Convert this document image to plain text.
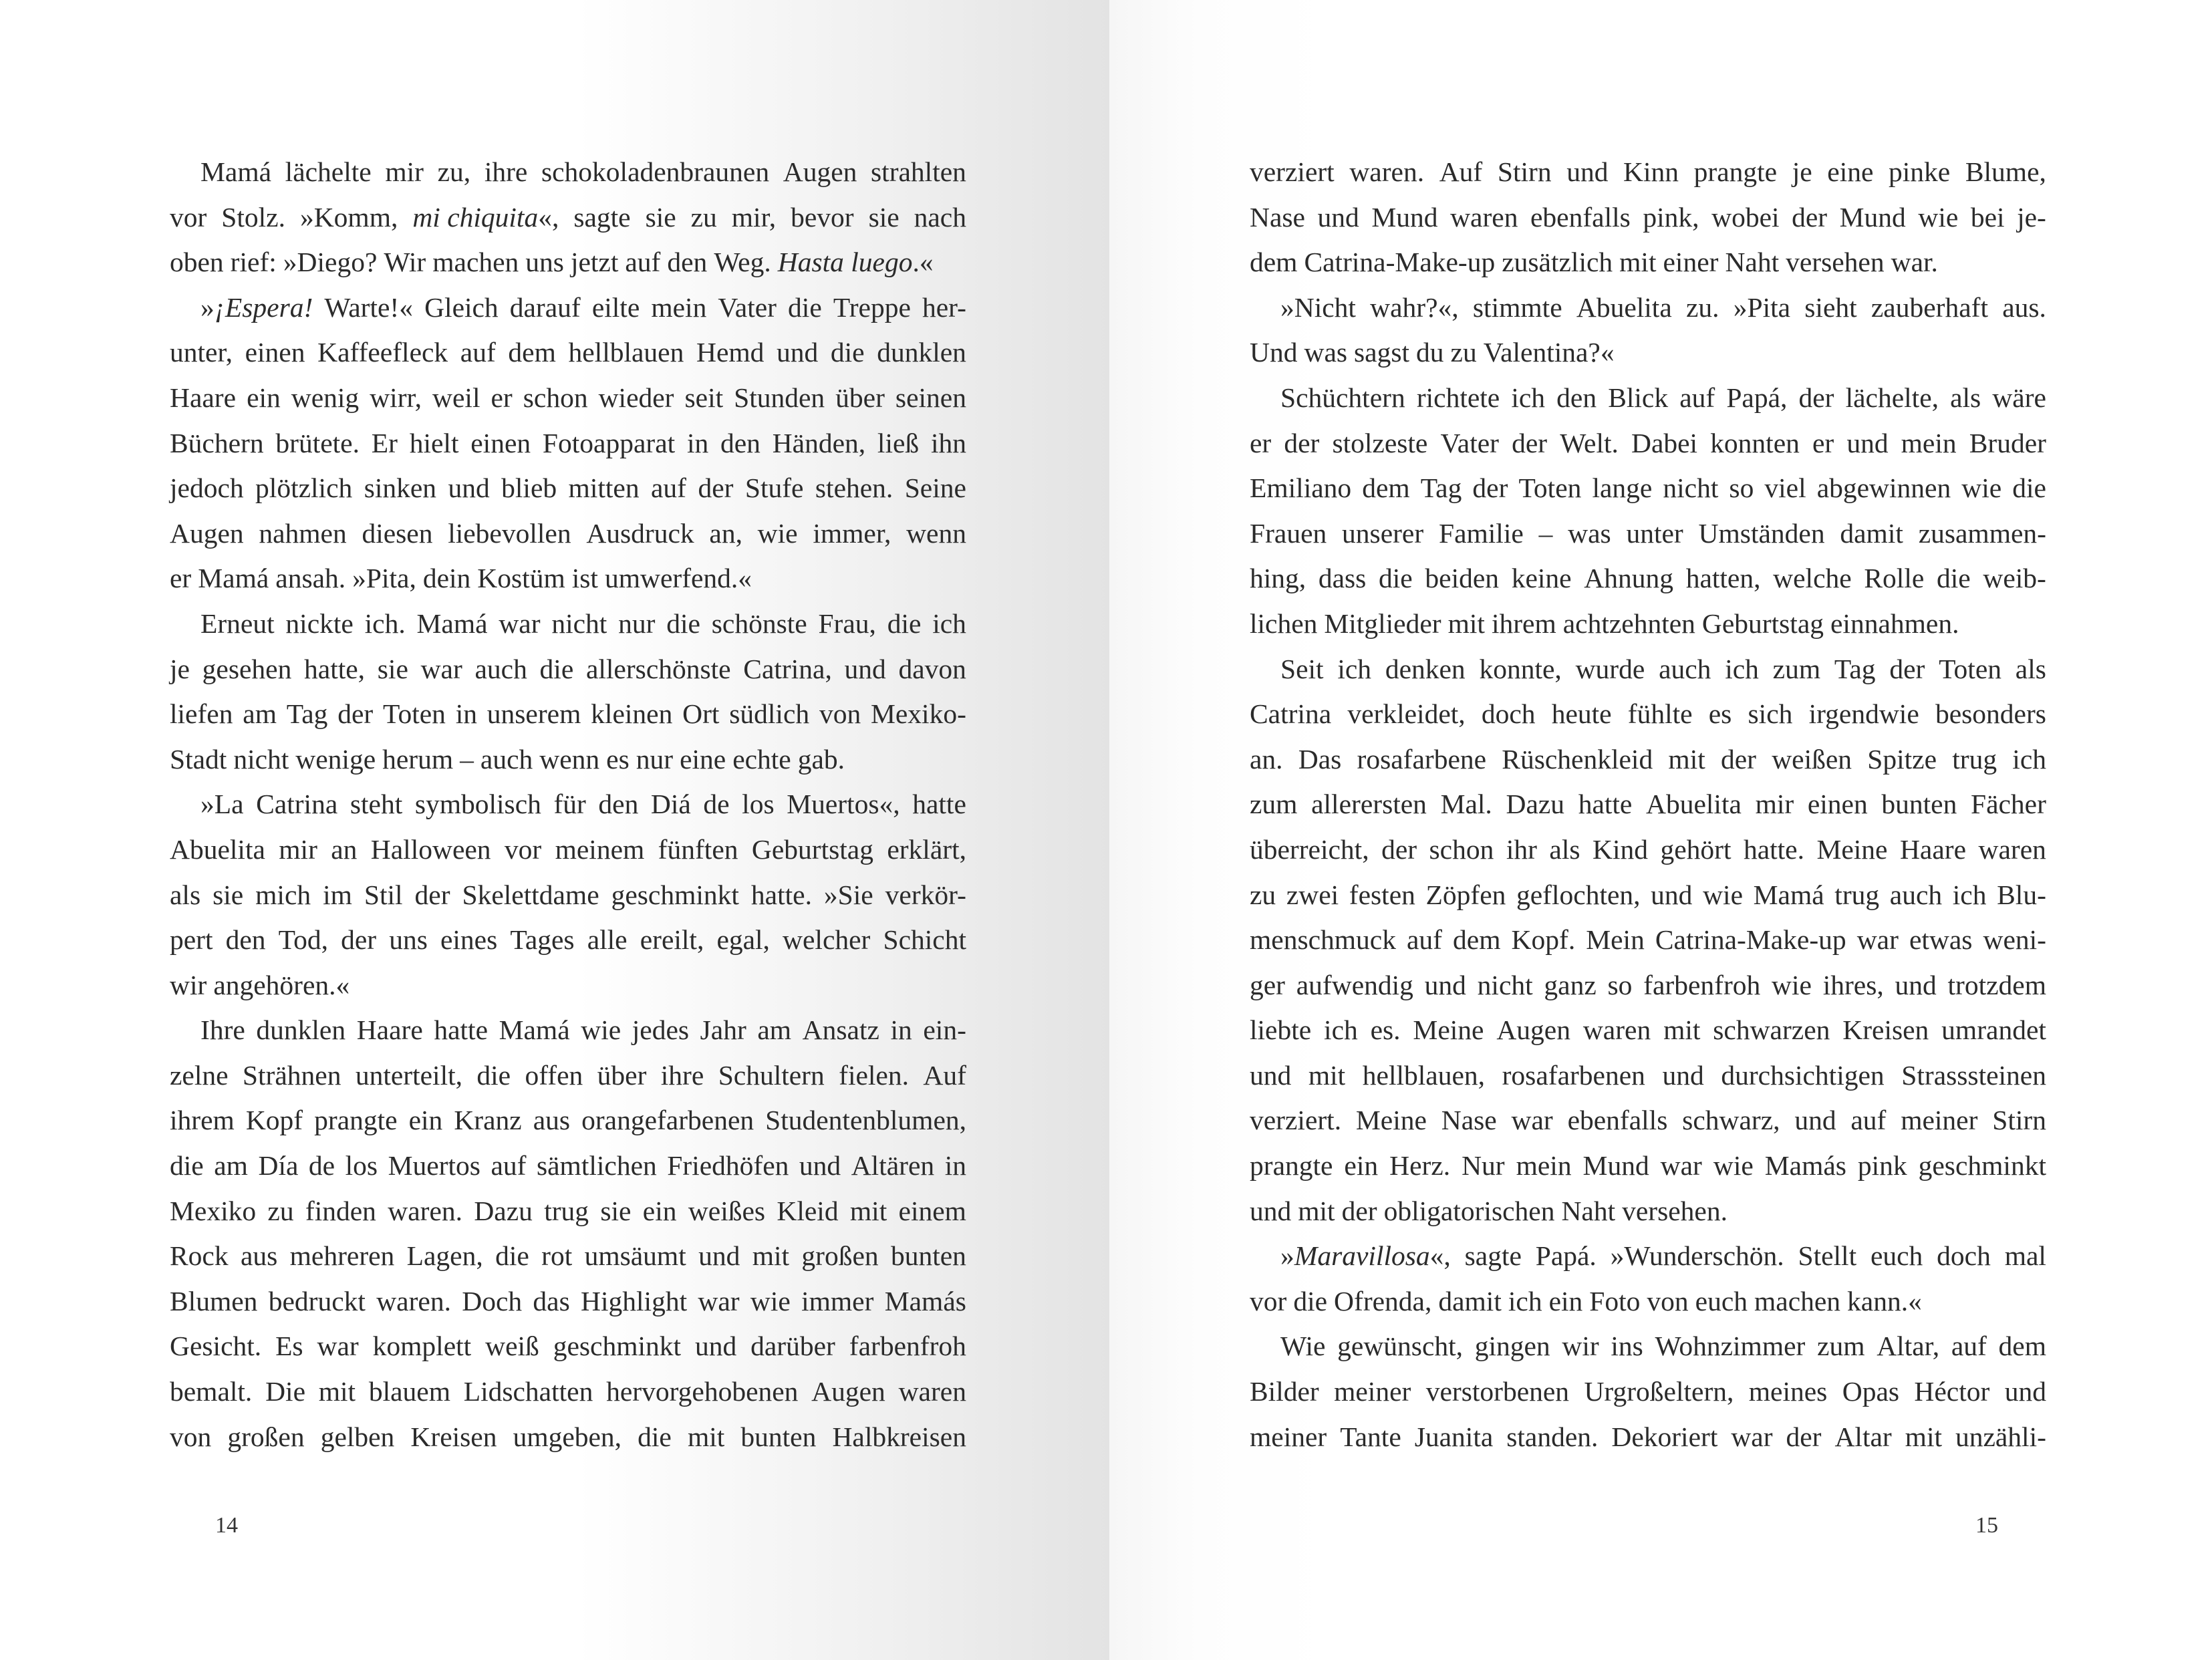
Mamá lächelte mir zu, ihre schokoladenbraunen Augen strahlten
vor Stolz. »Komm, mi chiquita«, sagte sie zu mir, bevor sie nach
oben rief: »Diego? Wir machen uns jetzt auf den Weg. Hasta luego.«
»¡Espera! Warte!« Gleich darauf eilte mein Vater die Treppe her-
unter, einen Kaffeefleck auf dem hellblauen Hemd und die dunklen
Haare ein wenig wirr, weil er schon wieder seit Stunden über seinen
Büchern brütete. Er hielt einen Fotoapparat in den Händen, ließ ihn
jedoch plötzlich sinken und blieb mitten auf der Stufe stehen. Seine
Augen nahmen diesen liebevollen Ausdruck an, wie immer, wenn
er Mamá ansah. »Pita, dein Kostüm ist umwerfend.«
Erneut nickte ich. Mamá war nicht nur die schönste Frau, die ich
je gesehen hatte, sie war auch die allerschönste Catrina, und davon
liefen am Tag der Toten in unserem kleinen Ort südlich von Mexiko-
Stadt nicht wenige herum – auch wenn es nur eine echte gab.
»La Catrina steht symbolisch für den Diá de los Muertos«, hatte
Abuelita mir an Halloween vor meinem fünften Geburtstag erklärt,
als sie mich im Stil der Skelettdame geschminkt hatte. »Sie verkör-
pert den Tod, der uns eines Tages alle ereilt, egal, welcher Schicht
wir angehören.«
Ihre dunklen Haare hatte Mamá wie jedes Jahr am Ansatz in ein-
zelne Strähnen unterteilt, die offen über ihre Schultern fielen. Auf
ihrem Kopf prangte ein Kranz aus orangefarbenen Studentenblumen,
die am Día de los Muertos auf sämtlichen Friedhöfen und Altären in
Mexiko zu finden waren. Dazu trug sie ein weißes Kleid mit einem
Rock aus mehreren Lagen, die rot umsäumt und mit großen bunten
Blumen bedruckt waren. Doch das Highlight war wie immer Mamás
Gesicht. Es war komplett weiß geschminkt und darüber farbenfroh
bemalt. Die mit blauem Lidschatten hervorgehobenen Augen waren
von großen gelben Kreisen umgeben, die mit bunten Halbkreisen
14
verziert waren. Auf Stirn und Kinn prangte je eine pinke Blume,
Nase und Mund waren ebenfalls pink, wobei der Mund wie bei je-
dem Catrina-Make-up zusätzlich mit einer Naht versehen war.
»Nicht wahr?«, stimmte Abuelita zu. »Pita sieht zauberhaft aus.
Und was sagst du zu Valentina?«
Schüchtern richtete ich den Blick auf Papá, der lächelte, als wäre
er der stolzeste Vater der Welt. Dabei konnten er und mein Bruder
Emiliano dem Tag der Toten lange nicht so viel abgewinnen wie die
Frauen unserer Familie – was unter Umständen damit zusammen-
hing, dass die beiden keine Ahnung hatten, welche Rolle die weib-
lichen Mitglieder mit ihrem achtzehnten Geburtstag einnahmen.
Seit ich denken konnte, wurde auch ich zum Tag der Toten als
Catrina verkleidet, doch heute fühlte es sich irgendwie besonders
an. Das rosafarbene Rüschenkleid mit der weißen Spitze trug ich
zum allerersten Mal. Dazu hatte Abuelita mir einen bunten Fächer
überreicht, der schon ihr als Kind gehört hatte. Meine Haare waren
zu zwei festen Zöpfen geflochten, und wie Mamá trug auch ich Blu-
menschmuck auf dem Kopf. Mein Catrina-Make-up war etwas weni-
ger aufwendig und nicht ganz so farbenfroh wie ihres, und trotzdem
liebte ich es. Meine Augen waren mit schwarzen Kreisen umrandet
und mit hellblauen, rosafarbenen und durchsichtigen Strasssteinen
verziert. Meine Nase war ebenfalls schwarz, und auf meiner Stirn
prangte ein Herz. Nur mein Mund war wie Mamás pink geschminkt
und mit der obligatorischen Naht versehen.
»Maravillosa«, sagte Papá. »Wunderschön. Stellt euch doch mal
vor die Ofrenda, damit ich ein Foto von euch machen kann.«
Wie gewünscht, gingen wir ins Wohnzimmer zum Altar, auf dem
Bilder meiner verstorbenen Urgroßeltern, meines Opas Héctor und
meiner Tante Juanita standen. Dekoriert war der Altar mit unzähli-
15
